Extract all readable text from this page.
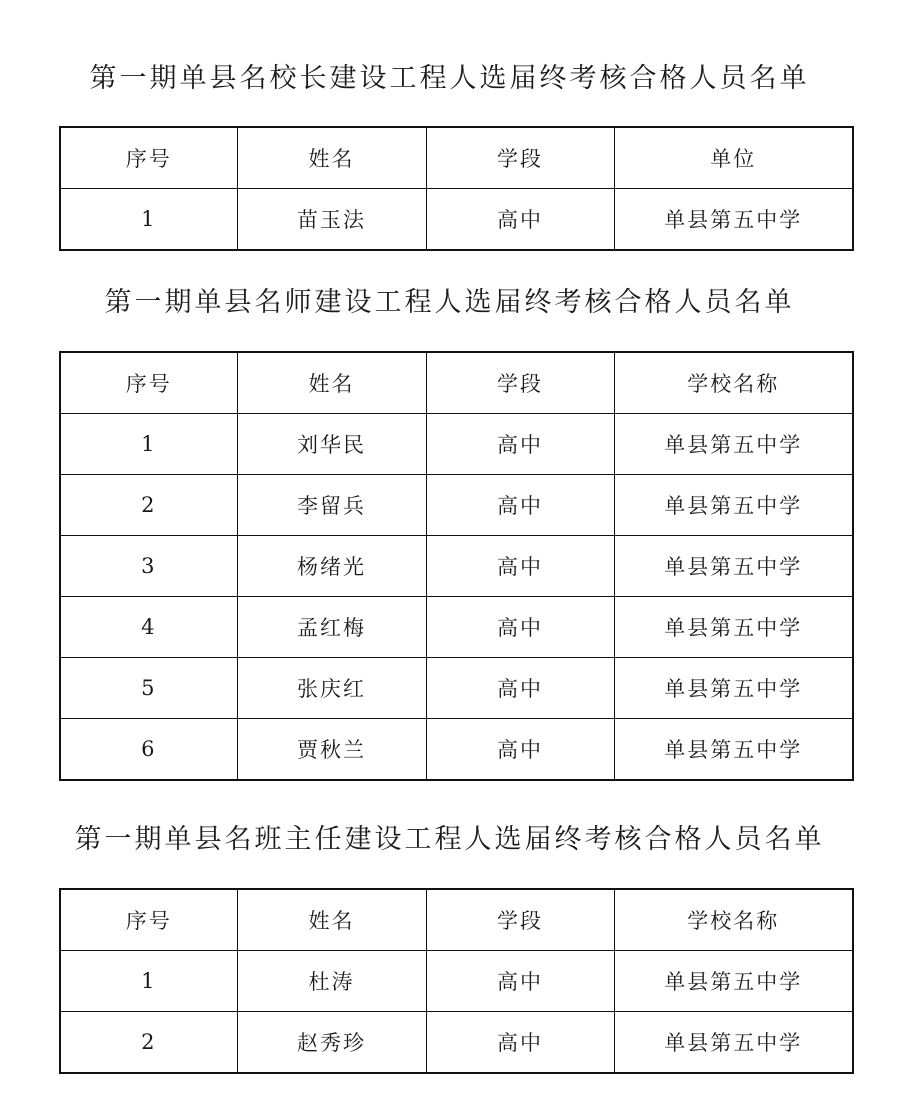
第一期单县名校长建设工程人选届终考核合格人员名单
序号	姓名	学段	单位
1	苗玉法	高中	单县第五中学
第一期单县名师建设工程人选届终考核合格人员名单
序号	姓名	学段	学校名称
1	刘华民	高中	单县第五中学
2	李留兵	高中	单县第五中学
3	杨绪光	高中	单县第五中学
4	孟红梅	高中	单县第五中学
5	张庆红	高中	单县第五中学
6	贾秋兰	高中	单县第五中学
第一期单县名班主任建设工程人选届终考核合格人员名单
序号	姓名	学段	学校名称
1	杜涛	高中	单县第五中学
2	赵秀珍	高中	单县第五中学
